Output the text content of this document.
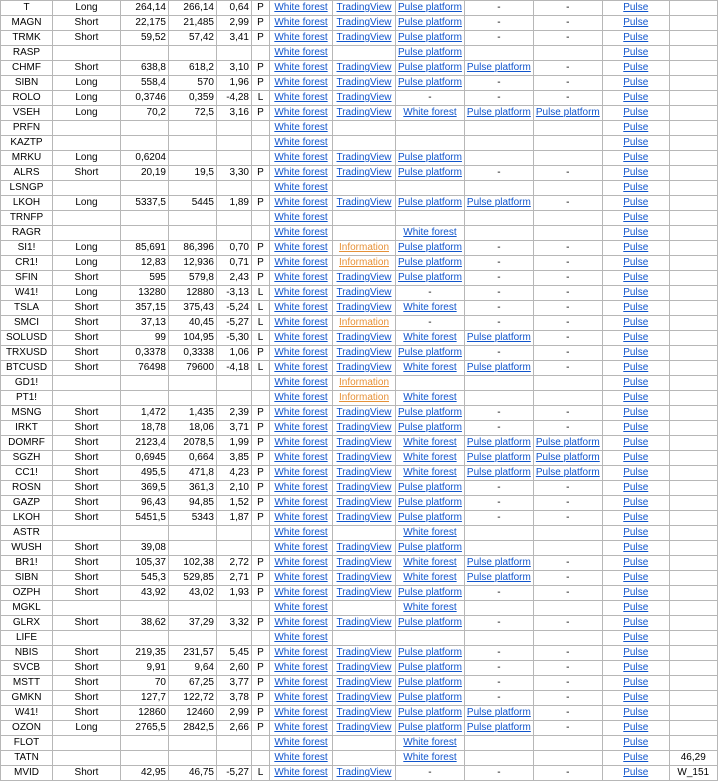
T	Long	264,14	266,14	0,64	P	White forest	TradingView	Pulse platform	-	-	Pulse	
MAGN	Short	22,175	21,485	2,99	P	White forest	TradingView	Pulse platform	-	-	Pulse	
TRMK	Short	59,52	57,42	3,41	P	White forest	TradingView	Pulse platform	-	-	Pulse	
RASP						White forest		Pulse platform			Pulse	
CHMF	Short	638,8	618,2	3,10	P	White forest	TradingView	Pulse platform	Pulse platform	-	Pulse	
SIBN	Long	558,4	570	1,96	P	White forest	TradingView	Pulse platform	-	-	Pulse	
ROLO	Long	0,3746	0,359	-4,28	L	White forest	TradingView	-	-	-	Pulse	
VSEH	Long	70,2	72,5	3,16	P	White forest	TradingView	White forest	Pulse platform	Pulse platform	Pulse	
PRFN						White forest					Pulse	
KAZTP						White forest					Pulse	
MRKU	Long	0,6204				White forest	TradingView	Pulse platform			Pulse	
ALRS	Short	20,19	19,5	3,30	P	White forest	TradingView	Pulse platform	-	-	Pulse	
LSNGP						White forest					Pulse	
LKOH	Long	5337,5	5445	1,89	P	White forest	TradingView	Pulse platform	Pulse platform	-	Pulse	
TRNFP						White forest					Pulse	
RAGR						White forest		White forest			Pulse	
SI1!	Long	85,691	86,396	0,70	P	White forest	Information	Pulse platform	-	-	Pulse	
CR1!	Long	12,83	12,936	0,71	P	White forest	Information	Pulse platform	-	-	Pulse	
SFIN	Short	595	579,8	2,43	P	White forest	TradingView	Pulse platform	-	-	Pulse	
W41!	Long	13280	12880	-3,13	L	White forest	TradingView	-	-	-	Pulse	
TSLA	Short	357,15	375,43	-5,24	L	White forest	TradingView	White forest	-	-	Pulse	
SMCI	Short	37,13	40,45	-5,27	L	White forest	Information	-	-	-	Pulse	
SOLUSD	Short	99	104,95	-5,30	L	White forest	TradingView	White forest	Pulse platform	-	Pulse	
TRXUSD	Short	0,3378	0,3338	1,06	P	White forest	TradingView	Pulse platform	-	-	Pulse	
BTCUSD	Short	76498	79600	-4,18	L	White forest	TradingView	White forest	Pulse platform	-	Pulse	
GD1!						White forest	Information				Pulse	
PT1!						White forest	Information	White forest			Pulse	
MSNG	Short	1,472	1,435	2,39	P	White forest	TradingView	Pulse platform	-	-	Pulse	
IRKT	Short	18,78	18,06	3,71	P	White forest	TradingView	Pulse platform	-	-	Pulse	
DOMRF	Short	2123,4	2078,5	1,99	P	White forest	TradingView	White forest	Pulse platform	Pulse platform	Pulse	
SGZH	Short	0,6945	0,664	3,85	P	White forest	TradingView	White forest	Pulse platform	Pulse platform	Pulse	
CC1!	Short	495,5	471,8	4,23	P	White forest	TradingView	White forest	Pulse platform	Pulse platform	Pulse	
ROSN	Short	369,5	361,3	2,10	P	White forest	TradingView	Pulse platform	-	-	Pulse	
GAZP	Short	96,43	94,85	1,52	P	White forest	TradingView	Pulse platform	-	-	Pulse	
LKOH	Short	5451,5	5343	1,87	P	White forest	TradingView	Pulse platform	-	-	Pulse	
ASTR						White forest		White forest			Pulse	
WUSH	Short	39,08				White forest	TradingView	Pulse platform			Pulse	
BR1!	Short	105,37	102,38	2,72	P	White forest	TradingView	White forest	Pulse platform	-	Pulse	
SIBN	Short	545,3	529,85	2,71	P	White forest	TradingView	White forest	Pulse platform	-	Pulse	
OZPH	Short	43,92	43,02	1,93	P	White forest	TradingView	Pulse platform	-	-	Pulse	
MGKL						White forest		White forest			Pulse	
GLRX	Short	38,62	37,29	3,32	P	White forest	TradingView	Pulse platform	-	-	Pulse	
LIFE						White forest					Pulse	
NBIS	Short	219,35	231,57	5,45	P	White forest	TradingView	Pulse platform	-	-	Pulse	
SVCB	Short	9,91	9,64	2,60	P	White forest	TradingView	Pulse platform	-	-	Pulse	
MSTT	Short	70	67,25	3,77	P	White forest	TradingView	Pulse platform	-	-	Pulse	
GMKN	Short	127,7	122,72	3,78	P	White forest	TradingView	Pulse platform	-	-	Pulse	
W41!	Short	12860	12460	2,99	P	White forest	TradingView	Pulse platform	Pulse platform	-	Pulse	
OZON	Long	2765,5	2842,5	2,66	P	White forest	TradingView	Pulse platform	Pulse platform	-	Pulse	
FLOT						White forest		White forest			Pulse	
TATN						White forest		White forest			Pulse	46,29
MVID	Short	42,95	46,75	-5,27	L	White forest	TradingView	-	-	-	Pulse	W_151
